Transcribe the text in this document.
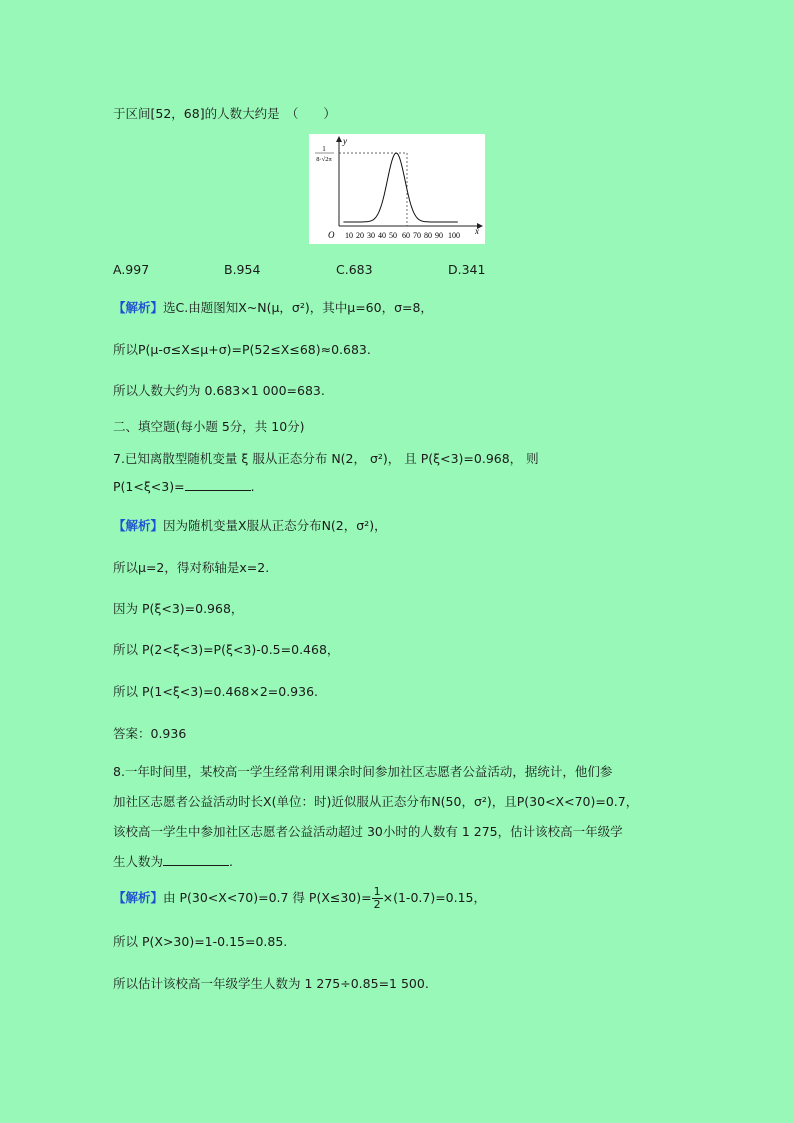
于区间[52，68]的人数大约是　（　　）
y
x
O
1
8·√2π
10 20 30 40 50 60 70 80 90 100
A.997	B.954	C.683	D.341
【解析】选C.由题图知X~N(μ，σ²)，其中μ=60，σ=8，
所以P(μ-σ≤X≤μ+σ)=P(52≤X≤68)≈0.683.
所以人数大约为 0.683×1 000=683.
二、填空题(每小题 5分，共 10分)
7.已知离散型随机变量 ξ 服从正态分布 N(2， σ²)， 且 P(ξ<3)=0.968， 则
P(1<ξ<3)=	.
【解析】因为随机变量X服从正态分布N(2，σ²)，
所以μ=2，得对称轴是x=2.
因为 P(ξ<3)=0.968，
所以 P(2<ξ<3)=P(ξ<3)-0.5=0.468，
所以 P(1<ξ<3)=0.468×2=0.936.
答案：0.936
8.一年时间里，某校高一学生经常利用课余时间参加社区志愿者公益活动，据统计，他们参
加社区志愿者公益活动时长X(单位：时)近似服从正态分布N(50，σ²)，且P(30<X<70)=0.7，
该校高一学生中参加社区志愿者公益活动超过 30小时的人数有 1 275，估计该校高一年级学
生人数为	.
【解析】由 P(30<X<70)=0.7 得 $P(X\le 30)= \frac{1}{2} \times(1-0.7)=0.15$，
所以 P(X>30)=1-0.15=0.85.
所以估计该校高一年级学生人数为 1 275÷0.85=1 500.
